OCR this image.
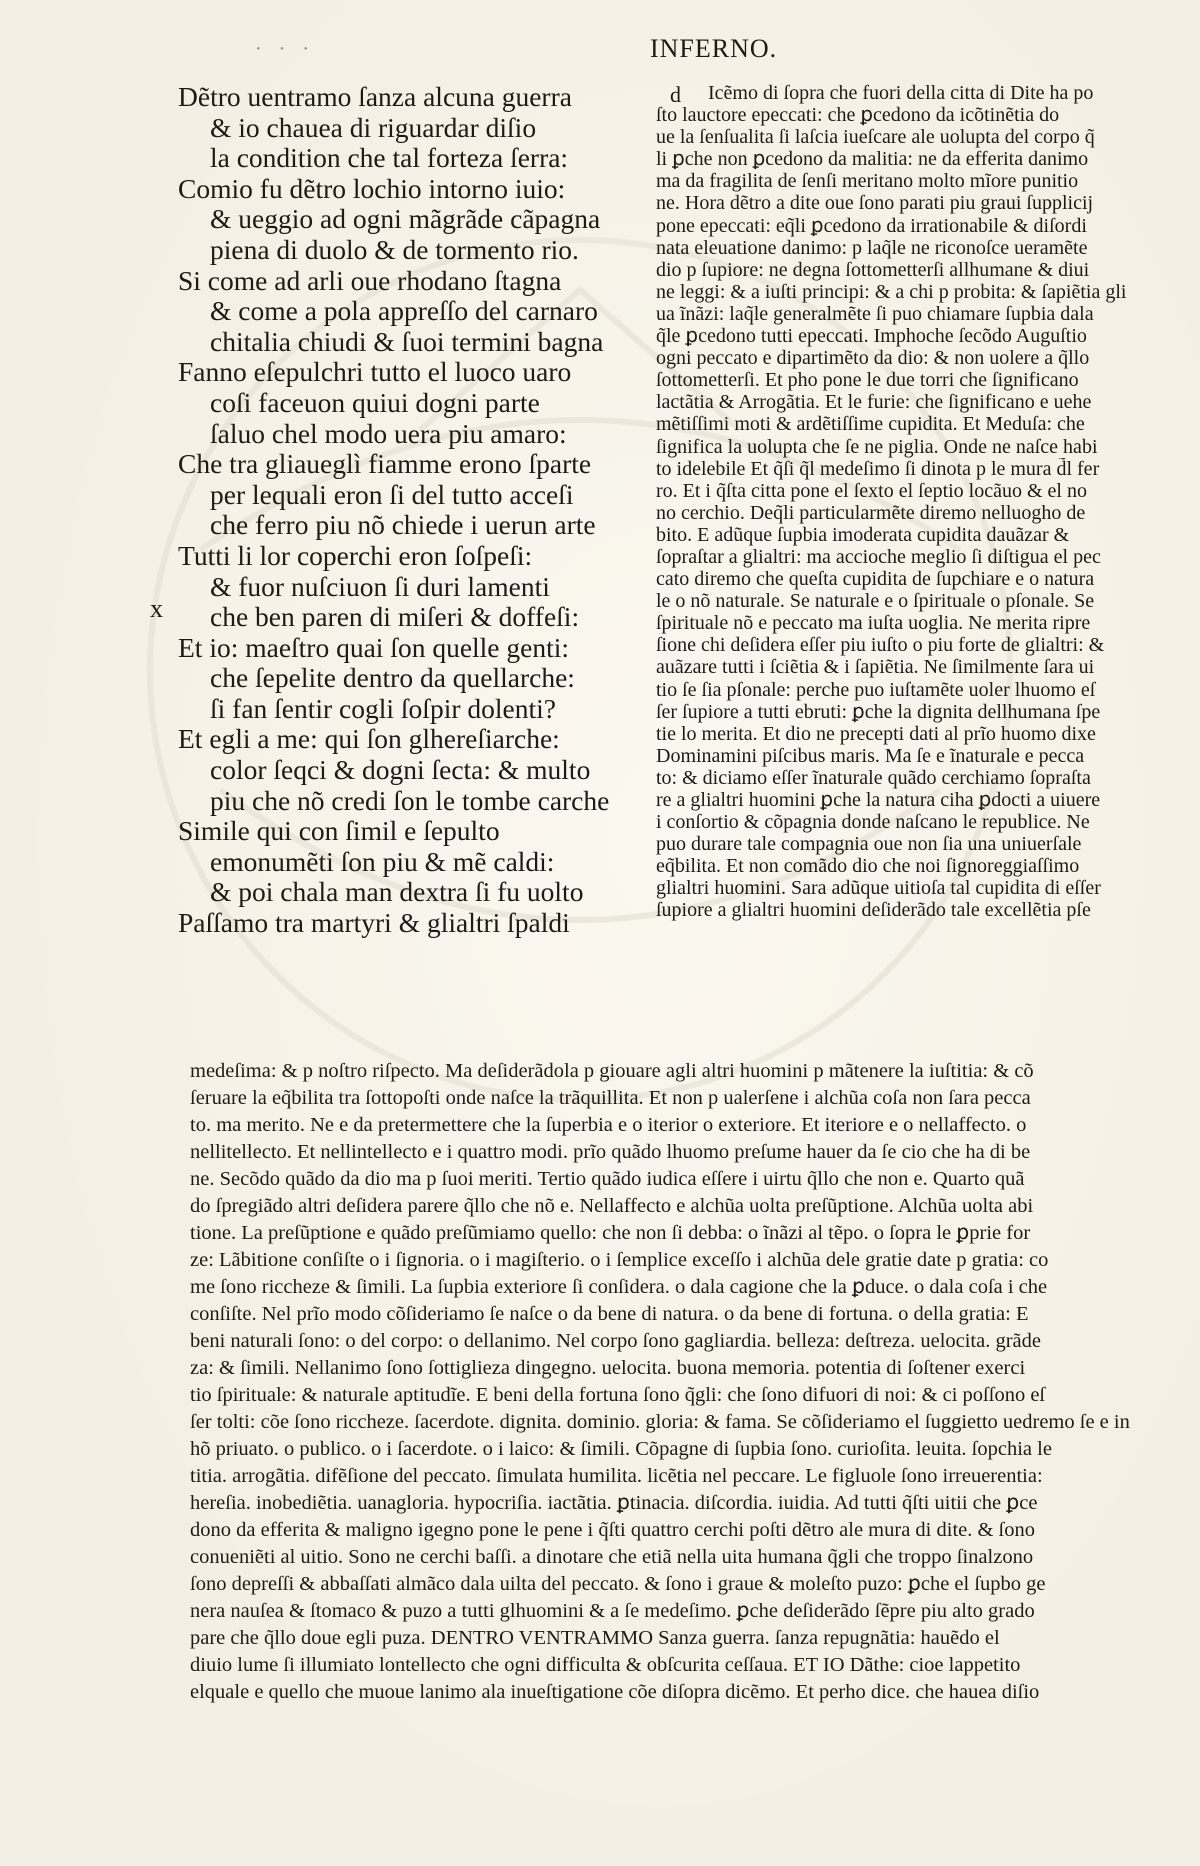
· · ·	INFERNO.
x
Dẽtro uentramo ſanza alcuna guerra
& io chauea di riguardar diſio
la condition che tal forteza ſerra:
Comio fu dẽtro lochio intorno iuio:
& ueggio ad ogni mãgrãde cãpagna
piena di duolo & de tormento rio.
Si come ad arli oue rhodano ſtagna
& come a pola appreſſo del carnaro
chitalia chiudi & ſuoi termini bagna
Fanno eſepulchri tutto el luoco uaro
coſi faceuon quiui dogni parte
ſaluo chel modo uera piu amaro:
Che tra gliaueglì fiamme erono ſparte
per lequali eron ſi del tutto acceſi
che ferro piu nõ chiede i uerun arte
Tutti li lor coperchi eron ſoſpeſi:
& fuor nuſciuon ſi duri lamenti
che ben paren di miſeri & doffeſi:
Et io: maeſtro quai ſon quelle genti:
che ſepelite dentro da quellarche:
ſi fan ſentir cogli ſoſpir dolenti?
Et egli a me: qui ſon glhereſiarche:
color ſeqci & dogni ſecta: & multo
piu che nõ credi ſon le tombe carche
Simile qui con ſimil e ſepulto
emonumẽti ſon piu & mẽ caldi:
& poi chala man dextra ſi fu uolto
Paſſamo tra martyri & glialtri ſpaldi
d	Icẽmo di ſopra che fuori della citta di Dite ha po
ſto lauctore epeccati: che ꝑcedono da icõtinẽtia do
ue la ſenſualita ſi laſcia iueſcare ale uolupta del corpo q̃
li ꝑche non ꝑcedono da malitia: ne da efferita danimo
ma da fragilita de ſenſi meritano molto mĩore punitio
ne. Hora dẽtro a dite oue ſono parati piu graui ſupplicij
pone epeccati: eq̃li ꝑcedono da irrationabile & diſordi
nata eleuatione danimo: p laq̃le ne riconoſce ueramẽte
dio p ſupiore: ne degna ſottometterſi allhumane & diui
ne leggi: & a iuſti principi: & a chi p probita: & ſapiẽtia gli
ua ĩnãzi: laq̃le generalmẽte ſi puo chiamare ſupbia dala
q̃le ꝑcedono tutti epeccati. Imphoche ſecõdo Auguſtio
ogni peccato e dipartimẽto da dio: & non uolere a q̃llo
ſottometterſi. Et pho pone le due torri che ſignificano
lactãtia & Arrogãtia. Et le furie: che ſignificano e uehe
mẽtiſſimi moti & ardẽtiſſime cupidita. Et Meduſa: che
ſignifica la uolupta che ſe ne piglia. Onde ne naſce habi
to idelebile Et q̃ſi q̃l medeſimo ſi dinota p le mura d̃l fer
ro. Et i q̃ſta citta pone el ſexto el ſeptio locãuo & el no
no cerchio. Deq̃li particularmẽte diremo nelluogho de
bito. E adũque ſupbia imoderata cupidita dauãzar &
ſopraſtar a glialtri: ma accioche meglio ſi diſtigua el pec
cato diremo che queſta cupidita de ſupchiare e o natura
le o nõ naturale. Se naturale e o ſpirituale o pſonale. Se
ſpirituale nõ e peccato ma iuſta uoglia. Ne merita ripre
ſione chi deſidera eſſer piu iuſto o piu forte de glialtri: &
auãzare tutti i ſciẽtia & i ſapiẽtia. Ne ſimilmente ſara ui
tio ſe ſia pſonale: perche puo iuſtamẽte uoler lhuomo eſ
ſer ſupiore a tutti ebruti: ꝑche la dignita dellhumana ſpe
tie lo merita. Et dio ne precepti dati al prĩo huomo dixe
Dominamini piſcibus maris. Ma ſe e ĩnaturale e pecca
to: & diciamo eſſer ĩnaturale quãdo cerchiamo ſopraſta
re a glialtri huomini ꝑche la natura ciha ꝑdocti a uiuere
i conſortio & cõpagnia donde naſcano le republice. Ne
puo durare tale compagnia oue non ſia una uniuerſale
eq̃bilita. Et non comãdo dio che noi ſignoreggiaſſimo
glialtri huomini. Sara adũque uitioſa tal cupidita di eſſer
ſupiore a glialtri huomini deſiderãdo tale excellẽtia pſe
medeſima: & p noſtro riſpecto. Ma deſiderãdola p giouare agli altri huomini p mãtenere la iuſtitia: & cõ
ſeruare la eq̃bilita tra ſottopoſti onde naſce la trãquillita. Et non p ualerſene i alchũa coſa non ſara pecca
to. ma merito. Ne e da pretermettere che la ſuperbia e o iterior o exteriore. Et iteriore e o nellaffecto. o
nellitellecto. Et nellintellecto e i quattro modi. prĩo quãdo lhuomo preſume hauer da ſe cio che ha di be
ne. Secõdo quãdo da dio ma p ſuoi meriti. Tertio quãdo iudica eſſere i uirtu q̃llo che non e. Quarto quã
do ſpregiãdo altri deſidera parere q̃llo che nõ e. Nellaffecto e alchũa uolta preſũptione. Alchũa uolta abi
tione. La preſũptione e quãdo preſũmiamo quello: che non ſi debba: o ĩnãzi al tẽpo. o ſopra le ꝑprie for
ze: Lãbitione conſiſte o i ſignoria. o i magiſterio. o i ſemplice exceſſo i alchũa dele gratie date p gratia: co
me ſono riccheze & ſimili. La ſupbia exteriore ſi conſidera. o dala cagione che la ꝑduce. o dala coſa i che
conſiſte. Nel prĩo modo cõſideriamo ſe naſce o da bene di natura. o da bene di fortuna. o della gratia: E
beni naturali ſono: o del corpo: o dellanimo. Nel corpo ſono gagliardia. belleza: deſtreza. uelocita. grãde
za: & ſimili. Nellanimo ſono ſottiglieza dingegno. uelocita. buona memoria. potentia di ſoſtener exerci
tio ſpirituale: & naturale aptitudĩe. E beni della fortuna ſono q̃gli: che ſono difuori di noi: & ci poſſono eſ
ſer tolti: cõe ſono riccheze. ſacerdote. dignita. dominio. gloria: & fama. Se cõſideriamo el ſuggietto uedremo ſe e in
hõ priuato. o publico. o i ſacerdote. o i laico: & ſimili. Cõpagne di ſupbia ſono. curioſita. leuita. ſopchia le
titia. arrogãtia. difẽſione del peccato. ſimulata humilita. licẽtia nel peccare. Le figluole ſono irreuerentia:
hereſia. inobediẽtia. uanagloria. hypocriſia. iactãtia. ꝑtinacia. diſcordia. iuidia. Ad tutti q̃ſti uitii che ꝑce
dono da efferita & maligno igegno pone le pene i q̃ſti quattro cerchi poſti dẽtro ale mura di dite. & ſono
conueniẽti al uitio. Sono ne cerchi baſſi. a dinotare che etiã nella uita humana q̃gli che troppo ſinalzono
ſono depreſſi & abbaſſati almãco dala uilta del peccato. & ſono i graue & moleſto puzo: ꝑche el ſupbo ge
nera nauſea & ſtomaco & puzo a tutti glhuomini & a ſe medeſimo. ꝑche deſiderãdo ſẽpre piu alto grado
pare che q̃llo doue egli puza. DENTRO VENTRAMMO Sanza guerra. ſanza repugnãtia: hauẽdo el
diuio lume ſi illumiato lontellecto che ogni difficulta & obſcurita ceſſaua. ET IO Dãthe: cioe lappetito
elquale e quello che muoue lanimo ala inueſtigatione cõe diſopra dicẽmo. Et perho dice. che hauea diſio
